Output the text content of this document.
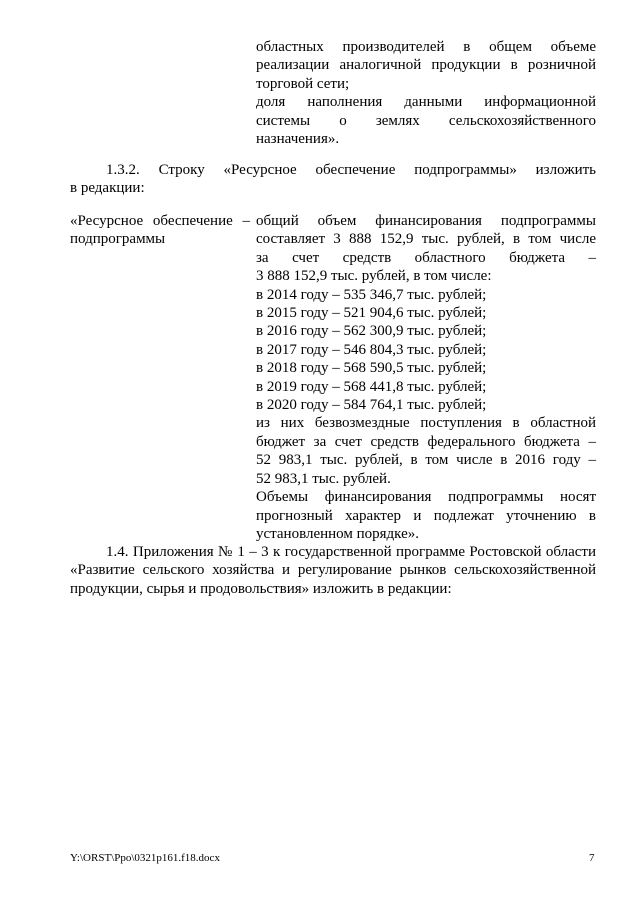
областных производителей в общем объеме
реализации аналогичной продукции в розничной
торговой сети;
доля наполнения данными информационной
системы о землях сельскохозяйственного
назначения».
1.3.2. Строку «Ресурсное обеспечение подпрограммы» изложить
в редакции:
«Ресурсное обеспечение –
подпрограммы
общий объем финансирования подпрограммы
составляет 3 888 152,9 тыс. рублей, в том числе
за счет средств областного бюджета –
3 888 152,9 тыс. рублей, в том числе:
в 2014 году – 535 346,7 тыс. рублей;
в 2015 году – 521 904,6 тыс. рублей;
в 2016 году – 562 300,9 тыс. рублей;
в 2017 году – 546 804,3 тыс. рублей;
в 2018 году – 568 590,5 тыс. рублей;
в 2019 году – 568 441,8 тыс. рублей;
в 2020 году – 584 764,1 тыс. рублей;
из них безвозмездные поступления в областной
бюджет за счет средств федерального бюджета –
52 983,1 тыс. рублей, в том числе в 2016 году –
52 983,1 тыс. рублей.
Объемы финансирования подпрограммы носят
прогнозный характер и подлежат уточнению в
установленном порядке».
1.4. Приложения № 1 – 3 к государственной программе Ростовской области
«Развитие сельского хозяйства и регулирование рынков сельскохозяйственной
продукции, сырья и продовольствия» изложить в редакции:
Y:\ORST\Ppo\0321p161.f18.docx	7
